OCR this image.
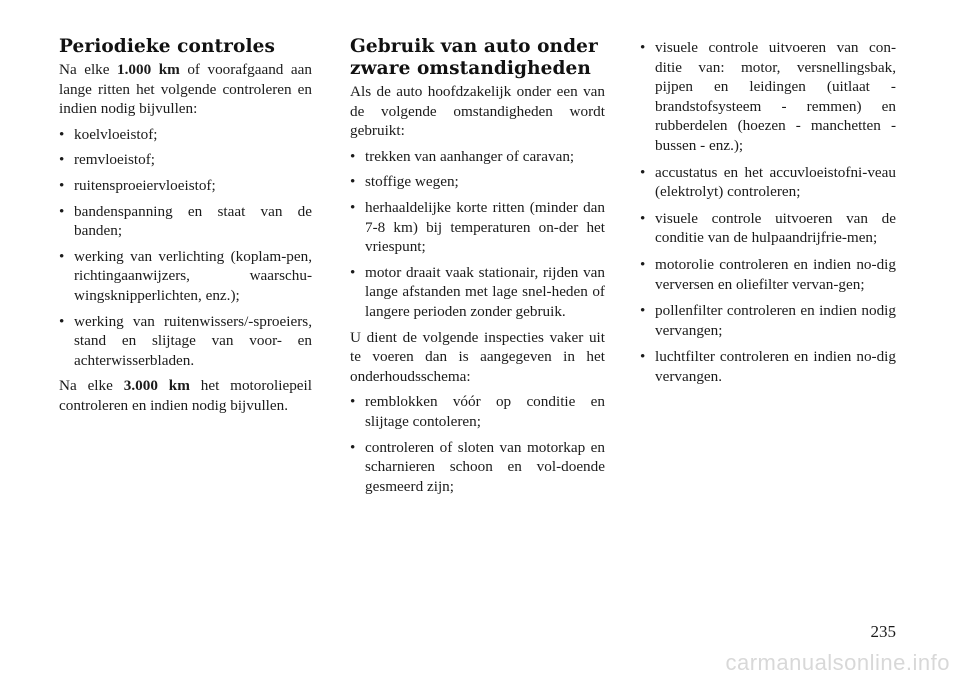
Periodieke controles

Na elke 1.000 km of voorafgaand aan lange ritten het volgende controleren en indien nodig bijvullen:

• koelvloeistof;
• remvloeistof;
• ruitensproeiervloeistof;
• bandenspanning en staat van de banden;
• werking van verlichting (koplam-pen, richtingaanwijzers, waarschu-wingsknipperlichten, enz.);
• werking van ruitenwissers/-sproeiers, stand en slijtage van voor- en achterwisserbladen.

Na elke 3.000 km het motoroliepeil controleren en indien nodig bijvullen.

Gebruik van auto onder zware omstandigheden

Als de auto hoofdzakelijk onder een van de volgende omstandigheden wordt gebruikt:

• trekken van aanhanger of caravan;
• stoffige wegen;
• herhaaldelijke korte ritten (minder dan 7-8 km) bij temperaturen on-der het vriespunt;
• motor draait vaak stationair, rijden van lange afstanden met lage snel-heden of langere perioden zonder gebruik.

U dient de volgende inspecties vaker uit te voeren dan is aangegeven in het onderhoudsschema:

• remblokken vóór op conditie en slijtage contoleren;
• controleren of sloten van motorkap en scharnieren schoon en vol-doende gesmeerd zijn;
• visuele controle uitvoeren van con-ditie van: motor, versnellingsbak, pijpen en leidingen (uitlaat - brandstofsysteem - remmen) en rubberdelen (hoezen - manchetten - bussen - enz.);
• accustatus en het accuvloeistofni-veau (elektrolyt) controleren;
• visuele controle uitvoeren van de conditie van de hulpaandrijfrie-men;
• motorolie controleren en indien no-dig verversen en oliefilter vervan-gen;
• pollenfilter controleren en indien nodig vervangen;
• luchtfilter controleren en indien no-dig vervangen.
235
carmanualsonline.info
